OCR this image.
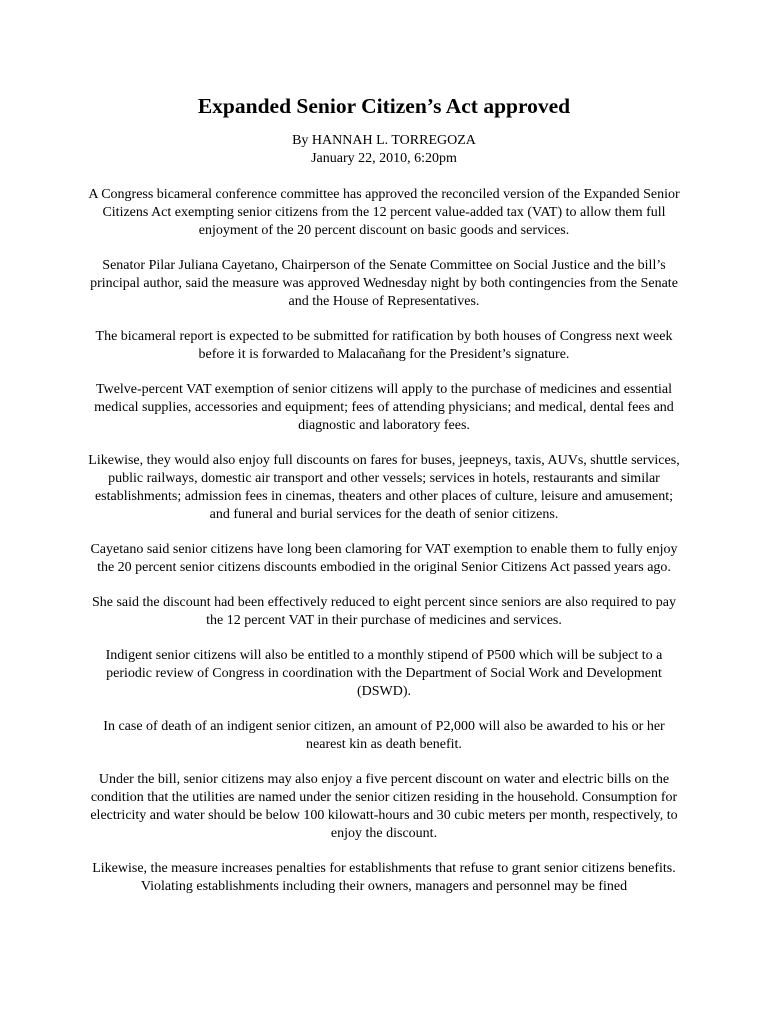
Expanded Senior Citizen’s Act approved

By HANNAH L. TORREGOZA

January 22, 2010, 6:20pm

A Congress bicameral conference committee has approved the reconciled version of the Expanded Senior Citizens Act exempting senior citizens from the 12 percent value-added tax (VAT) to allow them full enjoyment of the 20 percent discount on basic goods and services.

Senator Pilar Juliana Cayetano, Chairperson of the Senate Committee on Social Justice and the bill’s principal author, said the measure was approved Wednesday night by both contingencies from the Senate and the House of Representatives.

The bicameral report is expected to be submitted for ratification by both houses of Congress next week before it is forwarded to Malacañang for the President’s signature.

Twelve-percent VAT exemption of senior citizens will apply to the purchase of medicines and essential medical supplies, accessories and equipment; fees of attending physicians; and medical, dental fees and diagnostic and laboratory fees.

Likewise, they would also enjoy full discounts on fares for buses, jeepneys, taxis, AUVs, shuttle services, public railways, domestic air transport and other vessels; services in hotels, restaurants and similar establishments; admission fees in cinemas, theaters and other places of culture, leisure and amusement; and funeral and burial services for the death of senior citizens.

Cayetano said senior citizens have long been clamoring for VAT exemption to enable them to fully enjoy the 20 percent senior citizens discounts embodied in the original Senior Citizens Act passed years ago.

She said the discount had been effectively reduced to eight percent since seniors are also required to pay the 12 percent VAT in their purchase of medicines and services.

Indigent senior citizens will also be entitled to a monthly stipend of P500 which will be subject to a periodic review of Congress in coordination with the Department of Social Work and Development (DSWD).

In case of death of an indigent senior citizen, an amount of P2,000 will also be awarded to his or her nearest kin as death benefit.

Under the bill, senior citizens may also enjoy a five percent discount on water and electric bills on the condition that the utilities are named under the senior citizen residing in the household. Consumption for electricity and water should be below 100 kilowatt-hours and 30 cubic meters per month, respectively, to enjoy the discount.

Likewise, the measure increases penalties for establishments that refuse to grant senior citizens benefits. Violating establishments including their owners, managers and personnel may be fined
